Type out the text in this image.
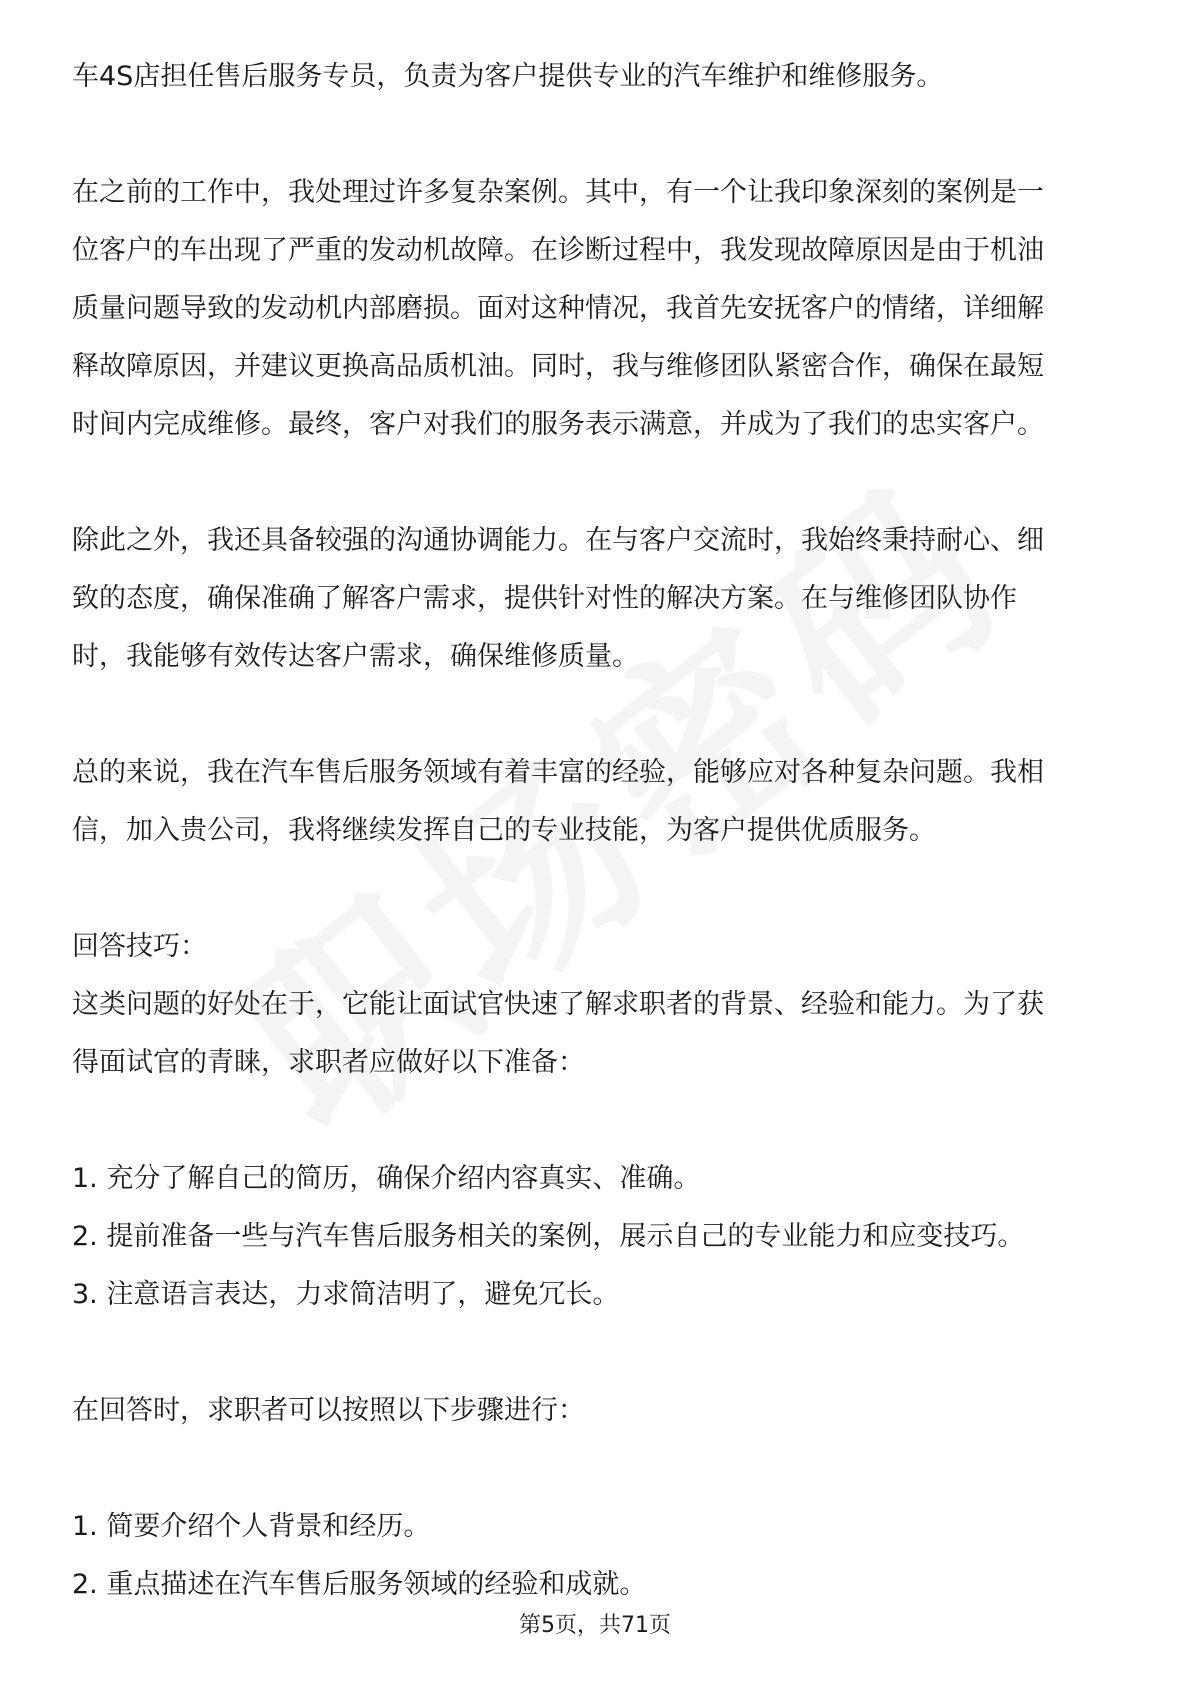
车4S店担任售后服务专员，负责为客户提供专业的汽车维护和维修服务。

在之前的工作中，我处理过许多复杂案例。其中，有一个让我印象深刻的案例是一

位客户的车出现了严重的发动机故障。在诊断过程中，我发现故障原因是由于机油

质量问题导致的发动机内部磨损。面对这种情况，我首先安抚客户的情绪，详细解

释故障原因，并建议更换高品质机油。同时，我与维修团队紧密合作，确保在最短

时间内完成维修。最终，客户对我们的服务表示满意，并成为了我们的忠实客户。

除此之外，我还具备较强的沟通协调能力。在与客户交流时，我始终秉持耐心、细

致的态度，确保准确了解客户需求，提供针对性的解决方案。在与维修团队协作

时，我能够有效传达客户需求，确保维修质量。

总的来说，我在汽车售后服务领域有着丰富的经验，能够应对各种复杂问题。我相

信，加入贵公司，我将继续发挥自己的专业技能，为客户提供优质服务。

回答技巧：

这类问题的好处在于，它能让面试官快速了解求职者的背景、经验和能力。为了获

得面试官的青睐，求职者应做好以下准备：

1. 充分了解自己的简历，确保介绍内容真实、准确。

2. 提前准备一些与汽车售后服务相关的案例，展示自己的专业能力和应变技巧。

3. 注意语言表达，力求简洁明了，避免冗长。

在回答时，求职者可以按照以下步骤进行：

1. 简要介绍个人背景和经历。

2. 重点描述在汽车售后服务领域的经验和成就。

第5页，共71页
